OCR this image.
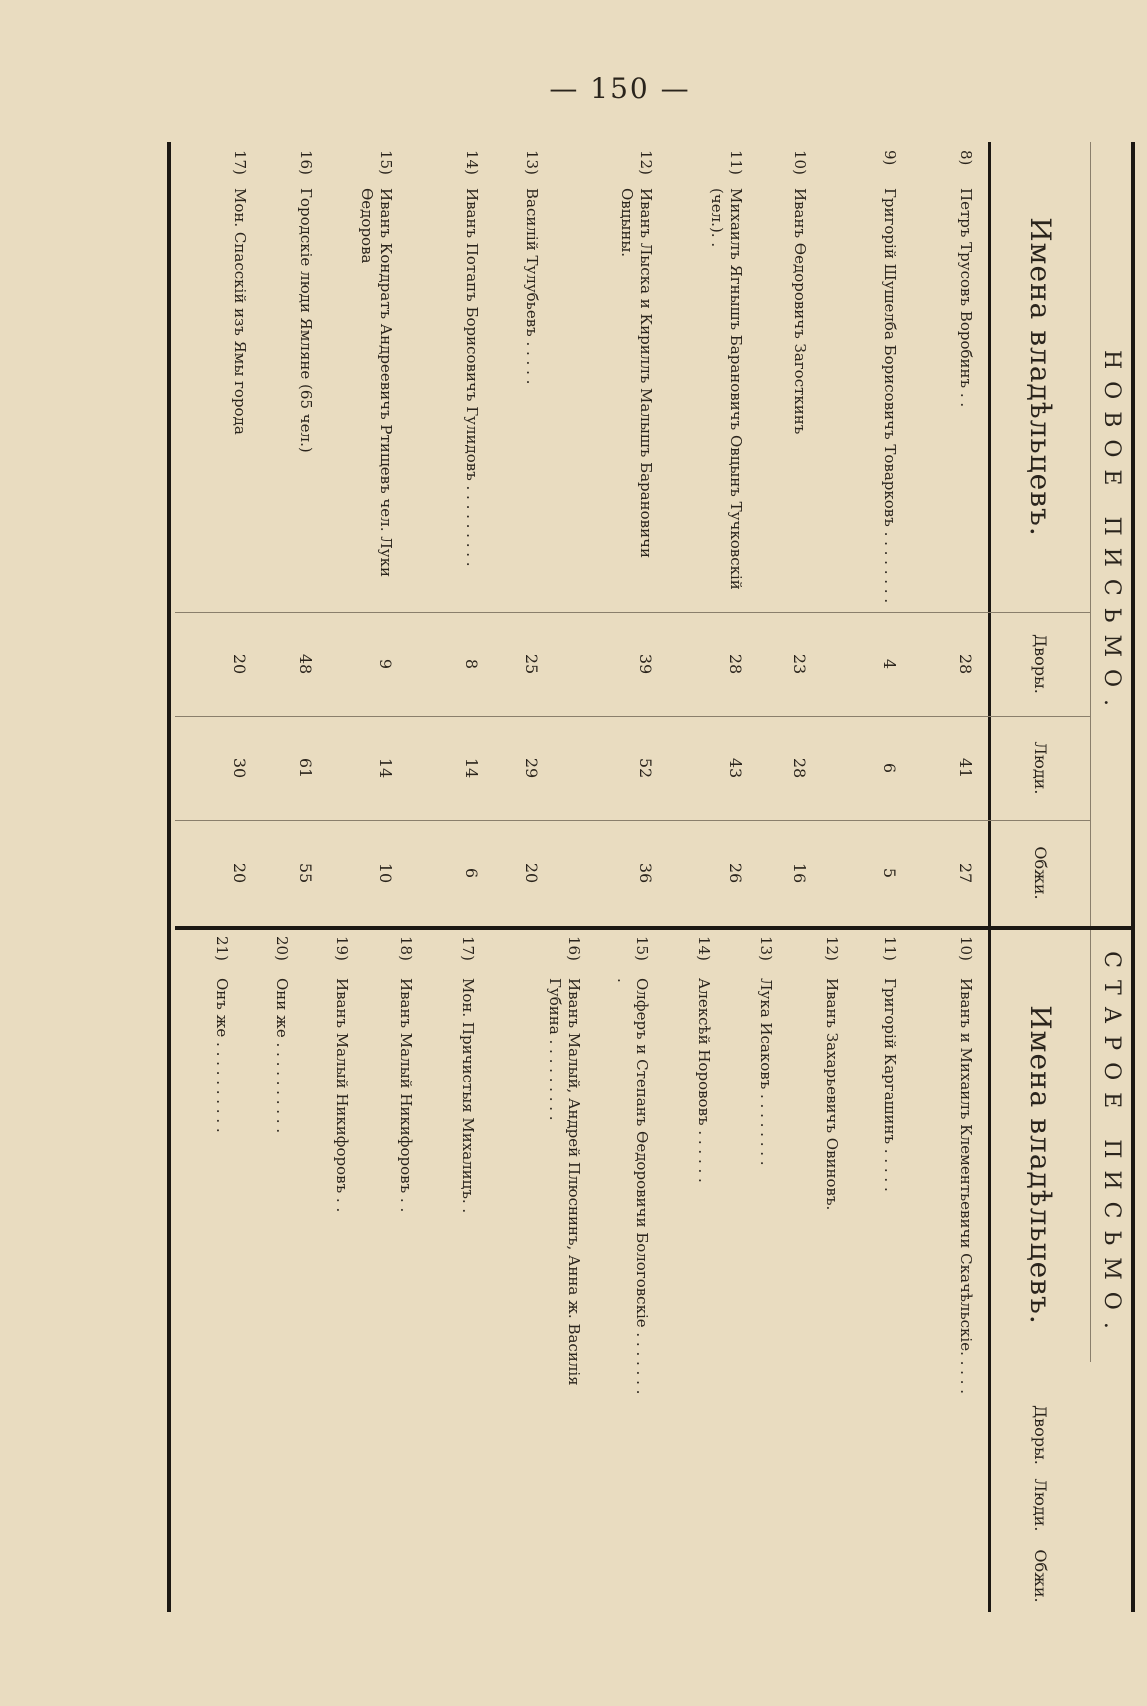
— 150 —
НОВОЕ ПИСЬМО.
Имена владѣльцевъ.
Дворы.
Люди.
Обжи.
8)
Петръ Трусовъ Воробинъ . .
28
41
27
9)
Григорій Шушелба Борисовичъ Товарковъ . . . . . . . .
4
6
5
10)
Иванъ Ѳедоровичъ Загосткинъ
23
28
16
11)
Михаилъ Ягнышъ Барановичъ Овцынъ Тучковскій (чел.). .
28
43
26
12)
Иванъ Лыска и Кириллъ Малышъ Барановичи Овцыны.
39
52
36
13)
Василій Тулубьевъ . . . . .
25
29
20
14)
Иванъ Потапъ Борисовичъ Гулидовъ . . . . . . . . .
8
14
6
15)
Иванъ Кондратъ Андреевичъ Ртищевъ чел. Луки Ѳедорова
9
14
10
16)
Городскіе люди Ямляне (65 чел.)
48
61
55
17)
Мон. Спасскій изъ Ямы города
20
30
20
СТАРОЕ ПИСЬМО.
Имена владѣльцевъ.
Дворы.
Люди.
Обжи.
10)
Иванъ и Михаилъ Клементьевичи Скачѣльскіе. . . . .
11)
Григорій Каргашинъ . . . . .
12)
Иванъ Захарьевичъ Овиновъ.
13)
Лука Исаковъ . . . . . . . .
14)
Алексѣй Норововъ . . . . . .
15)
Олферъ и Степанъ Ѳедоровичи Бологовскіе . . . . . . . .
16)
Иванъ Малый, Андрей Плюснинъ, Анна ж. Василія Губина . . . . . . . . .
17)
Мон. Причистыя Михалицъ. .
18)
Иванъ Малый Никифоровъ . .
19)
Иванъ Малый Никифоровъ . .
20)
Они же . . . . . . . . . .
21)
Онъ же . . . . . . . . . .
